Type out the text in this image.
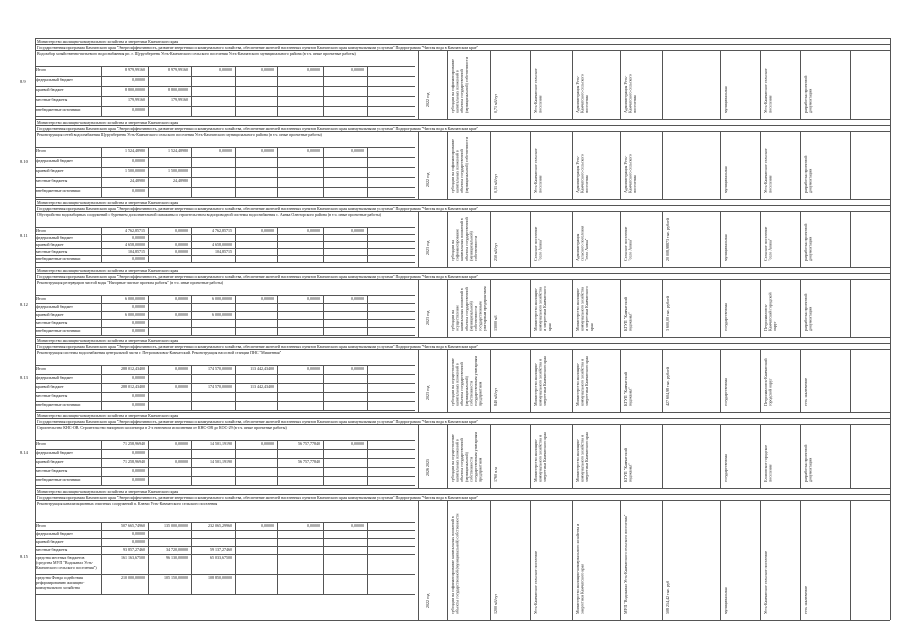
Министерство жилищно-коммунального хозяйства и энергетики Камчатского края
Государственная программа Камчатского края "Энергоэффективность, развитие энергетики и коммунального хозяйства, обеспечение жителей населенных пунктов Камчатского края коммунальными услугами" Подпрограмма "Чистая вода в Камчатском крае"
Водозабор хозяйственно-питьевого водоснабжения рп. г. Щурупбергенк Усть-Камчатского сельского поселения Усть-Камчатского муниципального района (в т.ч. иные проектные работы)
8.9
Итого	8 979,99160	8 979,99160	0,00000	0,00000	0,00000	0,00000
федеральный бюджет	0,00000
краевой бюджет	8 800,00000	8 800,00000
местные бюджеты	179,99160	179,99160
внебюджетные источники	0,00000
2022 год	субсидии на софинансирование капитальных вложений в объекты государственной (муниципальной) собственности	0,71 м3/сут	Усть-Камчатское сельское поселение	Администрация Усть-Камчатского сельского поселения	Администрация Усть-Камчатского сельского поселения	муниципальная	Усть-Камчатское сельское поселение	разработка проектной документации
Министерство жилищно-коммунального хозяйства и энергетики Камчатского края
Государственная программа Камчатского края "Энергоэффективность, развитие энергетики и коммунального хозяйства, обеспечение жителей населенных пунктов Камчатского края коммунальными услугами" Подпрограмма "Чистая вода в Камчатском крае"
Реконструкция сетей водоснабжения Щурупбергенк Усть-Камчатского сельского поселения Усть-Камчатского муниципального района (в т.ч. иные проектные работы)
8.10
Итого	1 524,48980	1 524,48980	0,00000	0,00000	0,00000	0,00000
федеральный бюджет	0,00000
краевой бюджет	1 500,00000	1 500,00000
местные бюджеты	24,48980	24,48980
внебюджетные источники	0,00000
2022 год	субсидии на софинансирование капитальных вложений в объекты государственной (муниципальной) собственности	0,31 м3/сут	Усть-Камчатское сельское поселение	Администрация Усть-Камчатского сельского поселения	Администрация Усть-Камчатского сельского поселения	муниципальная	Усть-Камчатское сельское поселение	разработка проектной документации
Министерство жилищно-коммунального хозяйства и энергетики Камчатского края
Государственная программа Камчатского края "Энергоэффективность, развитие энергетики и коммунального хозяйства, обеспечение жителей населенных пунктов Камчатского края коммунальными услугами" Подпрограмма "Чистая вода в Камчатском крае"
Обустройство водозаборных сооружений с бурением дополнительной скважины и строительством водопроводной системы водоснабжения с. Аянка Олюторского района (в т.ч. иные проектные работы)
8.11
Итого	4 762,85715	0,00000	4 762,85715	0,00000	0,00000	0,00000
федеральный бюджет	0,00000
краевой бюджет	4 658,00000	0,00000	4 658,00000
местные бюджеты	104,85715	0,00000	104,85715
внебюджетные источники	0,00000
2023 год	субсидии на софинансирование капитальных вложений в объекты государственной (муниципальной) собственности	250 м3/сут	Сельское поселение "село Аянка"	Администрация сельского поселения "село Аянка"	Сельское поселение "село Аянка"	20 008,98873 тыс. рублей	муниципальная	Сельское поселение "село Аянка"	разработка проектной документации
Министерство жилищно-коммунального хозяйства и энергетики Камчатского края
Государственная программа Камчатского края "Энергоэффективность, развитие энергетики и коммунального хозяйства, обеспечение жителей населенных пунктов Камчатского края коммунальными услугами" Подпрограмма "Чистая вода в Камчатском крае"
Реконструкция резервуаров чистой воды "Нагорные чистые проекты работы" (в т.ч. иные проектные работы)
8.12
Итого	6 000,00000	0,00000	6 000,00000	0,00000	0,00000	0,00000
федеральный бюджет	0,00000
краевой бюджет	6 000,00000	0,00000	6 000,00000
местные бюджеты	0,00000
внебюджетные источники	0,00000
2023 год	субсидии на осуществление капитальных вложений в объекты государственной (муниципальной) собственности государственным унитарным предприятиям 13000 м3	Министерство жилищно-коммунального хозяйства и энергетики Камчатского края	Министерство жилищно-коммунального хозяйства и энергетики Камчатского края	КГУП "Камчатский водоканал"	3 600,00 тыс. рублей	государственная	Петропавловск-Камчатский городской округ	разработка проектной документации
Министерство жилищно-коммунального хозяйства и энергетики Камчатского края
Государственная программа Камчатского края "Энергоэффективность, развитие энергетики и коммунального хозяйства, обеспечение жителей населенных пунктов Камчатского края коммунальными услугами" Подпрограмма "Чистая вода в Камчатском крае"
Реконструкция системы водоснабжения центральной части г. Петропавловск-Камчатский. Реконструкция насосной станции ПНС "Мишенная"
8.13
Итого	288 012,43400	0,00000	174 570,00000	113 442,43400	0,00000	0,00000
федеральный бюджет	0,00000
краевой бюджет	288 012,43400	0,00000	174 570,00000	113 442,43400
местные бюджеты	0,00000
внебюджетные источники	0,00000
2023 год	субсидии на осуществление капитальных вложений в объекты государственной (муниципальной) собственности государственным унитарным предприятиям	840 м3/сут	Министерство жилищно-коммунального хозяйства и энергетики Камчатского края	Министерство жилищно-коммунального хозяйства и энергетики Камчатского края	КГУП "Камчатский водоканал"	427 604,98 тыс. рублей	государственная	Петропавловск-Камчатский городской округ	есть заключение
Министерство жилищно-коммунального хозяйства и энергетики Камчатского края
Государственная программа Камчатского края "Энергоэффективность, развитие энергетики и коммунального хозяйства, обеспечение жителей населенных пунктов Камчатского края коммунальными услугами" Подпрограмма "Чистая вода в Камчатском крае"
Строительство КНС-ОВ. Строительство напорного коллектора в 2-х ниточном исполнении от КНС-ОВ до КОС-29 (в т.ч. иные проектные работы)
8.14
Итого	71 258,96940	0,00000	14 501,19190	0,00000	56 757,77840	0,00000
федеральный бюджет	0,00000
краевой бюджет	71 258,96940	0,00000	14 501,19190	56 757,77840
местные бюджеты	0,00000
внебюджетные источники	0,00000
2026 2025	субсидии на осуществление капитальных вложений в объекты государственной (муниципальной) собственности государственным унитарным предприятиям	1760 п.м	Министерство жилищно-коммунального хозяйства и энергетики Камчатского края	Министерство жилищно-коммунального хозяйства и энергетики Камчатского края	КГУП "Камчатский водоканал"	государственная	Елизовское городское поселение	разработка проектной документации
Министерство жилищно-коммунального хозяйства и энергетики Камчатского края
Государственная программа Камчатского края "Энергоэффективность, развитие энергетики и коммунального хозяйства, обеспечение жителей населенных пунктов Камчатского края коммунальными услугами" Подпрограмма "Чистая вода в Камчатском крае"
Реконструкция канализационных очистных сооружений п. Ключи Усть-Камчатского сельского поселения
8.15
Итого	507 665,74960	135 000,00000	232 065,29960	0,00000	0,00000	0,00000
федеральный бюджет	0,00000
краевой бюджет	0,00000
местные бюджеты	93 857,27460	34 720,00000	59 137,27460
средства местных бюджетов (средства МУП "Водоканал Усть-Камчатского сельского поселения")
161 163,67500	96 130,00000	65 033,67500
средства Фонда содействия реформированию жилищно-коммунального хозяйства
210 000,00000	105 150,00000	108 850,00000
2022 год	субсидии на софинансирование капитальных вложений в объекты государственной (муниципальной) собственности	1200 м3/сут	Усть-Камчатское сельское поселение	Министерство жилищно-коммунального хозяйства и энергетики Камчатского края	МУП "Водоканал Усть-Камчатского сельского поселения"	508 254,42 тыс. руб	муниципальная	Усть-Камчатское сельское поселение	есть заключение
